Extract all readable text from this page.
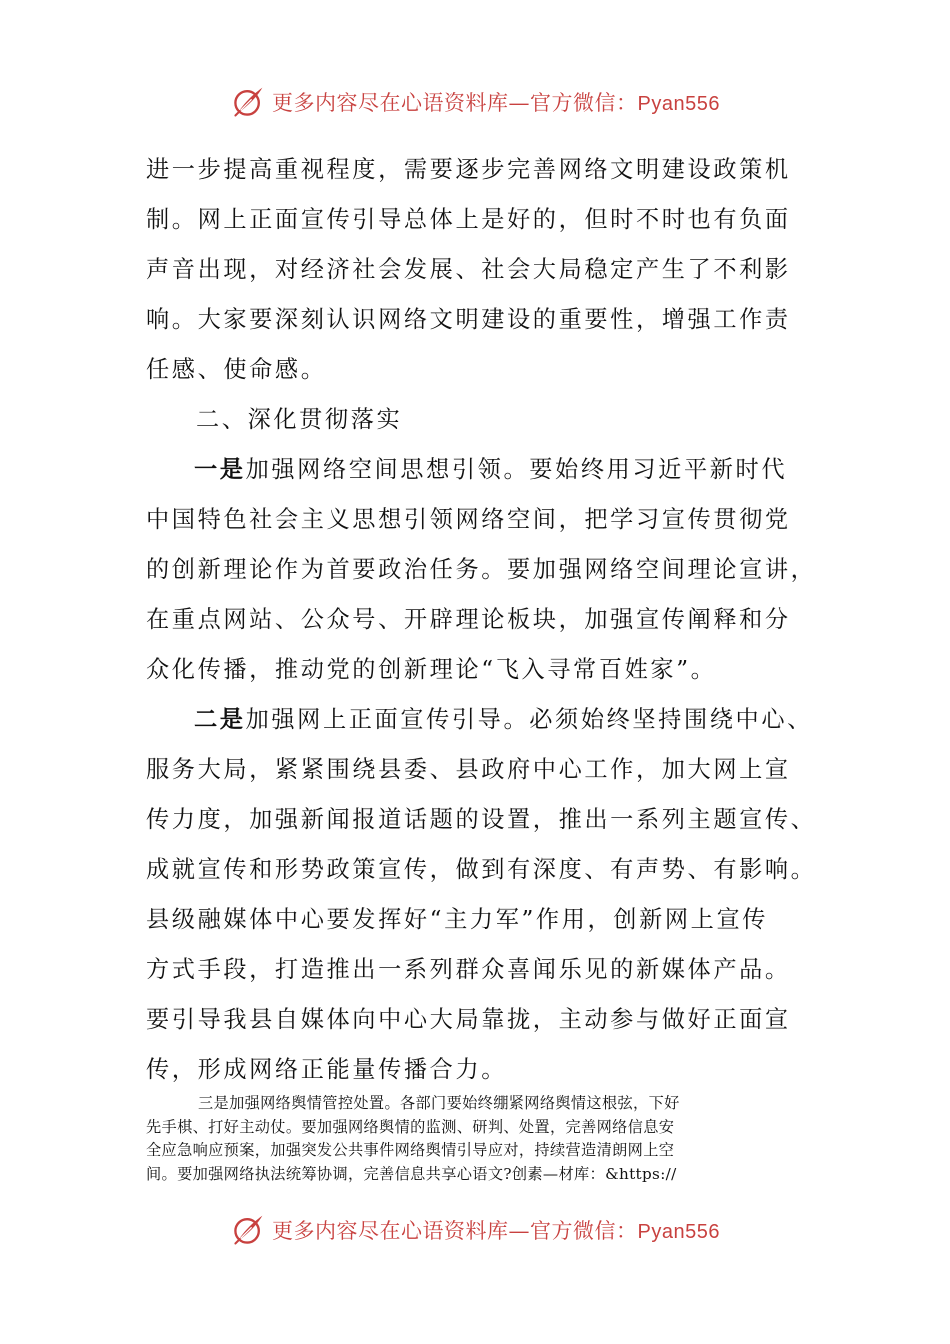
更多内容尽在心语资料库—官方微信：Pyan556
进一步提高重视程度，需要逐步完善网络文明建设政策机
制。网上正面宣传引导总体上是好的，但时不时也有负面
声音出现，对经济社会发展、社会大局稳定产生了不利影
响。大家要深刻认识网络文明建设的重要性，增强工作责
任感、使命感。
二、深化贯彻落实
一是加强网络空间思想引领。要始终用习近平新时代
中国特色社会主义思想引领网络空间，把学习宣传贯彻党
的创新理论作为首要政治任务。要加强网络空间理论宣讲，
在重点网站、公众号、开辟理论板块，加强宣传阐释和分
众化传播，推动党的创新理论“飞入寻常百姓家”。
二是加强网上正面宣传引导。必须始终坚持围绕中心、
服务大局，紧紧围绕县委、县政府中心工作，加大网上宣
传力度，加强新闻报道话题的设置，推出一系列主题宣传、
成就宣传和形势政策宣传，做到有深度、有声势、有影响。
县级融媒体中心要发挥好“主力军”作用，创新网上宣传
方式手段，打造推出一系列群众喜闻乐见的新媒体产品。
要引导我县自媒体向中心大局靠拢，主动参与做好正面宣
传，形成网络正能量传播合力。
三是加强网络舆情管控处置。各部门要始终绷紧网络舆情这根弦，下好
先手棋、打好主动仗。要加强网络舆情的监测、研判、处置，完善网络信息安
全应急响应预案，加强突发公共事件网络舆情引导应对，持续营造清朗网上空
间。要加强网络执法统筹协调，完善信息共享心语文?创素—材库：&https://
更多内容尽在心语资料库—官方微信：Pyan556
